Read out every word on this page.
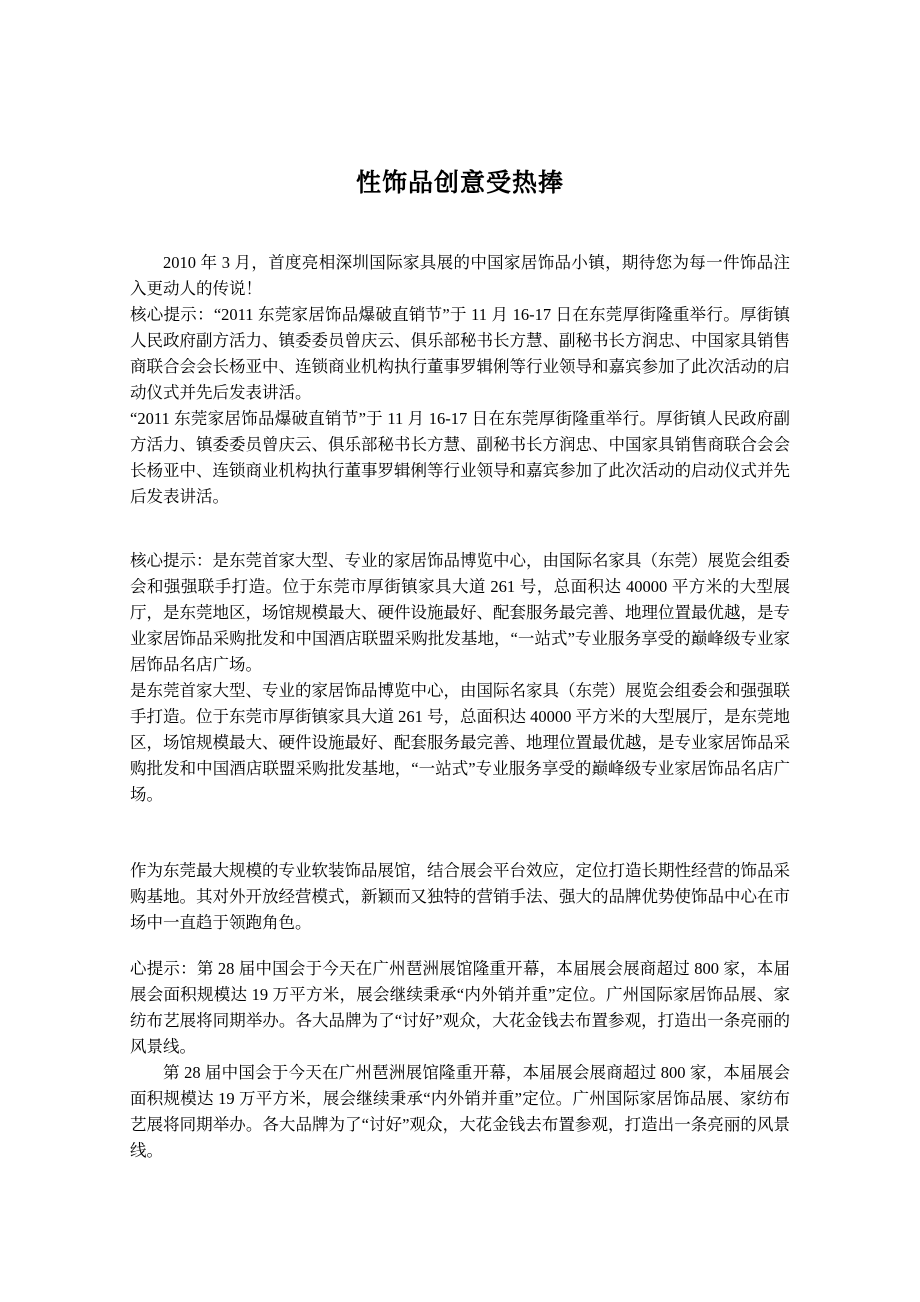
性饰品创意受热捧

2010 年 3 月，首度亮相深圳国际家具展的中国家居饰品小镇，期待您为每一件饰品注入更动人的传说！

核心提示：“2011 东莞家居饰品爆破直销节”于 11 月 16-17 日在东莞厚街隆重举行。厚街镇人民政府副方活力、镇委委员曾庆云、俱乐部秘书长方慧、副秘书长方润忠、中国家具销售商联合会会长杨亚中、连锁商业机构执行董事罗辑俐等行业领导和嘉宾参加了此次活动的启动仪式并先后发表讲活。

“2011 东莞家居饰品爆破直销节”于 11 月 16-17 日在东莞厚街隆重举行。厚街镇人民政府副方活力、镇委委员曾庆云、俱乐部秘书长方慧、副秘书长方润忠、中国家具销售商联合会会长杨亚中、连锁商业机构执行董事罗辑俐等行业领导和嘉宾参加了此次活动的启动仪式并先后发表讲活。

核心提示：是东莞首家大型、专业的家居饰品博览中心，由国际名家具（东莞）展览会组委会和强强联手打造。位于东莞市厚街镇家具大道 261 号，总面积达 40000 平方米的大型展厅，是东莞地区，场馆规模最大、硬件设施最好、配套服务最完善、地理位置最优越，是专业家居饰品采购批发和中国酒店联盟采购批发基地，“一站式”专业服务享受的巅峰级专业家居饰品名店广场。

是东莞首家大型、专业的家居饰品博览中心，由国际名家具（东莞）展览会组委会和强强联手打造。位于东莞市厚街镇家具大道 261 号，总面积达 40000 平方米的大型展厅，是东莞地区，场馆规模最大、硬件设施最好、配套服务最完善、地理位置最优越，是专业家居饰品采购批发和中国酒店联盟采购批发基地，“一站式”专业服务享受的巅峰级专业家居饰品名店广场。

作为东莞最大规模的专业软装饰品展馆，结合展会平台效应，定位打造长期性经营的饰品采购基地。其对外开放经营模式，新颖而又独特的营销手法、强大的品牌优势使饰品中心在市场中一直趋于领跑角色。

心提示：第 28 届中国会于今天在广州琶洲展馆隆重开幕，本届展会展商超过 800 家，本届展会面积规模达 19 万平方米，展会继续秉承“内外销并重”定位。广州国际家居饰品展、家纺布艺展将同期举办。各大品牌为了“讨好”观众，大花金钱去布置参观，打造出一条亮丽的风景线。

第 28 届中国会于今天在广州琶洲展馆隆重开幕，本届展会展商超过 800 家，本届展会面积规模达 19 万平方米，展会继续秉承“内外销并重”定位。广州国际家居饰品展、家纺布艺展将同期举办。各大品牌为了“讨好”观众，大花金钱去布置参观，打造出一条亮丽的风景线。
